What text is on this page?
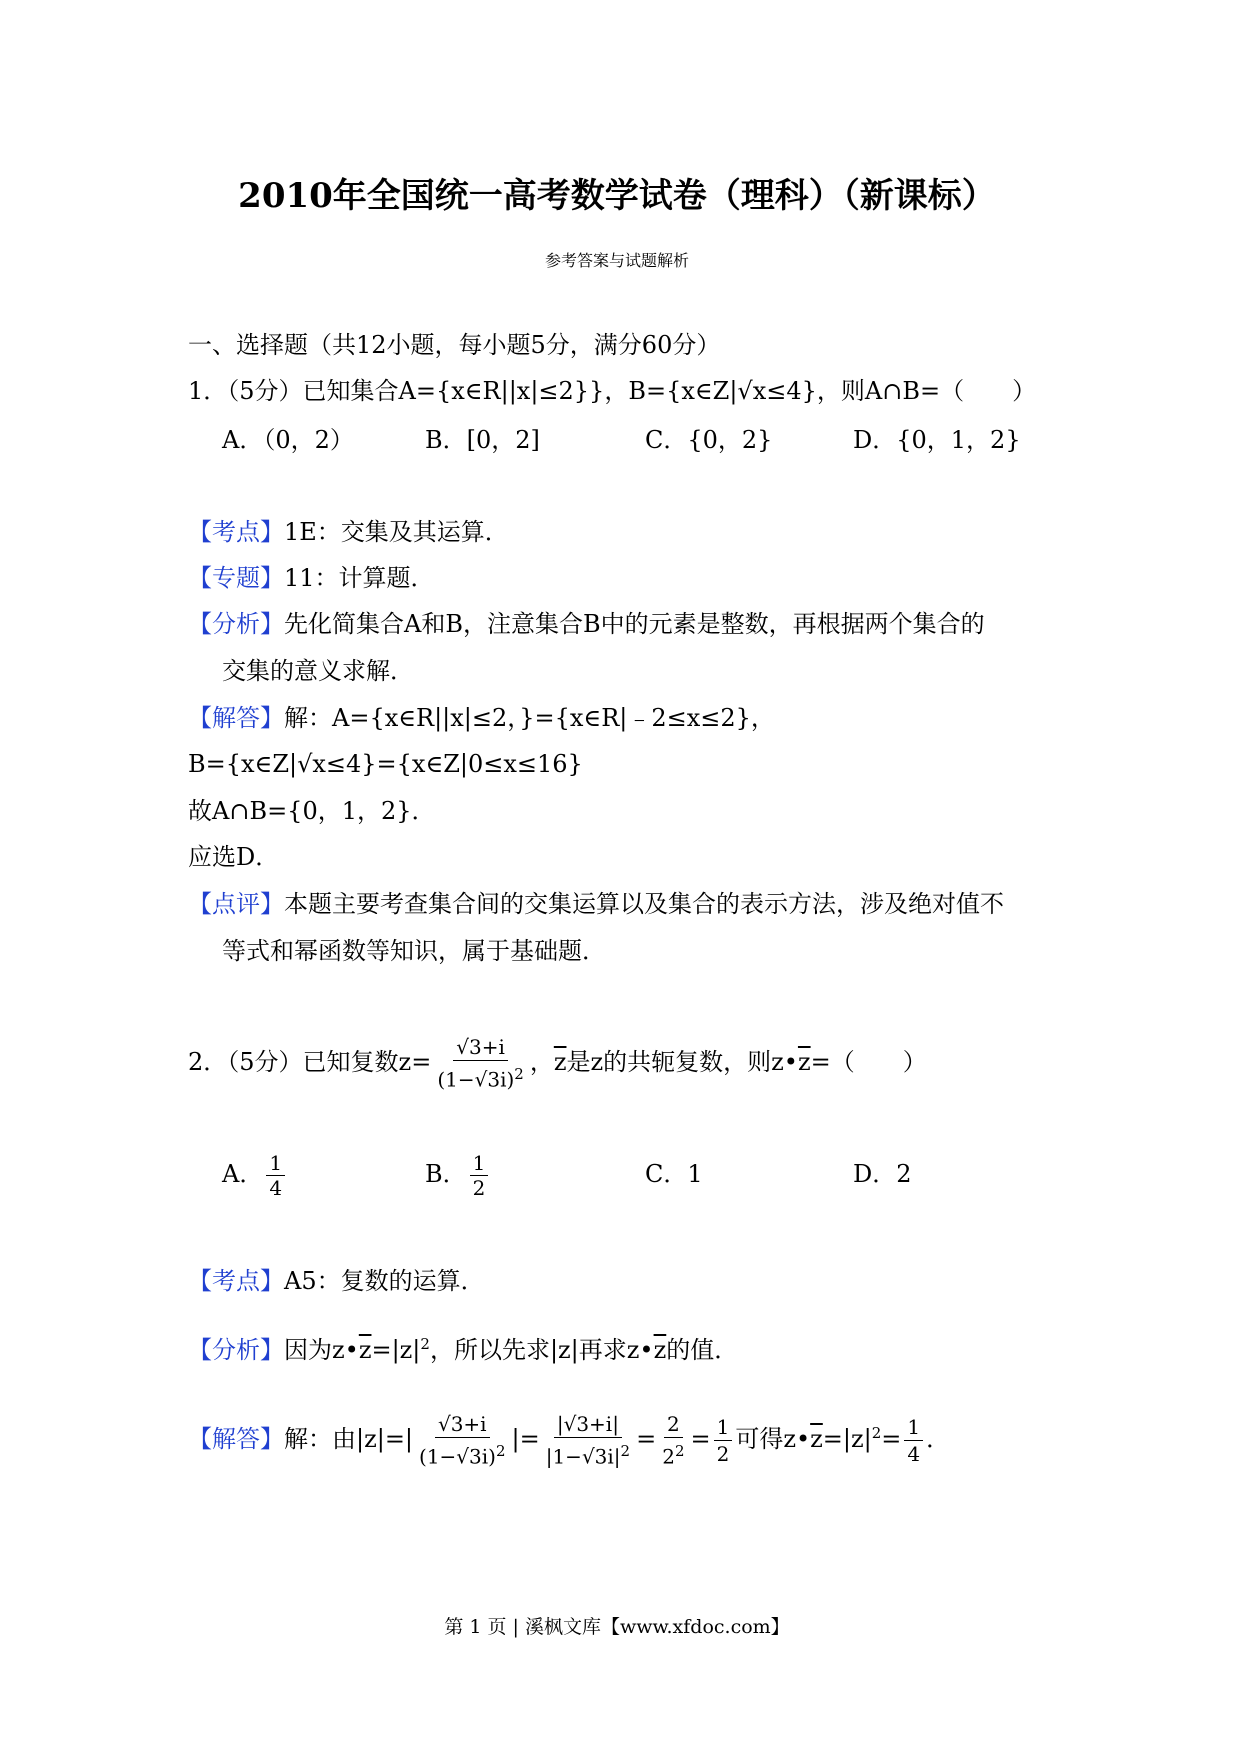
2010年全国统一高考数学试卷（理科）（新课标）
参考答案与试题解析
一、选择题（共12小题，每小题5分，满分60分）
1．（5分）已知集合A={x∈R||x|≤2}}，B={x∈Z|√x≤4}，则A∩B=（　　）
A．（0，2）	B．[0，2]	C．{0，2}	D．{0，1，2}
【考点】1E：交集及其运算．
【专题】11：计算题．
【分析】先化简集合A和B，注意集合B中的元素是整数，再根据两个集合的
交集的意义求解．
【解答】解：A={x∈R||x|≤2，}={x∈R|﹣2≤x≤2}，
B={x∈Z|√x≤4}={x∈Z|0≤x≤16}
故A∩B={0，1，2}．
应选D．
【点评】本题主要考查集合间的交集运算以及集合的表示方法，涉及绝对值不
等式和幂函数等知识，属于基础题．
2．（5分）已知复数$z= \frac{√3+i}{(1-√3i)^2}$ ，$\overline{z}$是z的共轭复数，则$z•\overline{z}=$（　　）
A． $\frac{1}{4}$	B． $\frac{1}{2}$	C．1	D．2
【考点】A5：复数的运算．
【分析】因为$z•\overline{z}=|z|^2$，所以先求|z|再求$z•\overline{z}$的值．
【解答】解：由$|z|=| \frac{√3+i}{(1-√3i)^2}$ |= $\frac{|√3+i|}{|1-√3i|^2} = \frac{2}{2^2} = \frac{1}{2}$ 可得$z•\overline{z}=|z|^2= \frac{1}{4}$ ．
第 1 页 | 溪枫文库【www.xfdoc.com】
